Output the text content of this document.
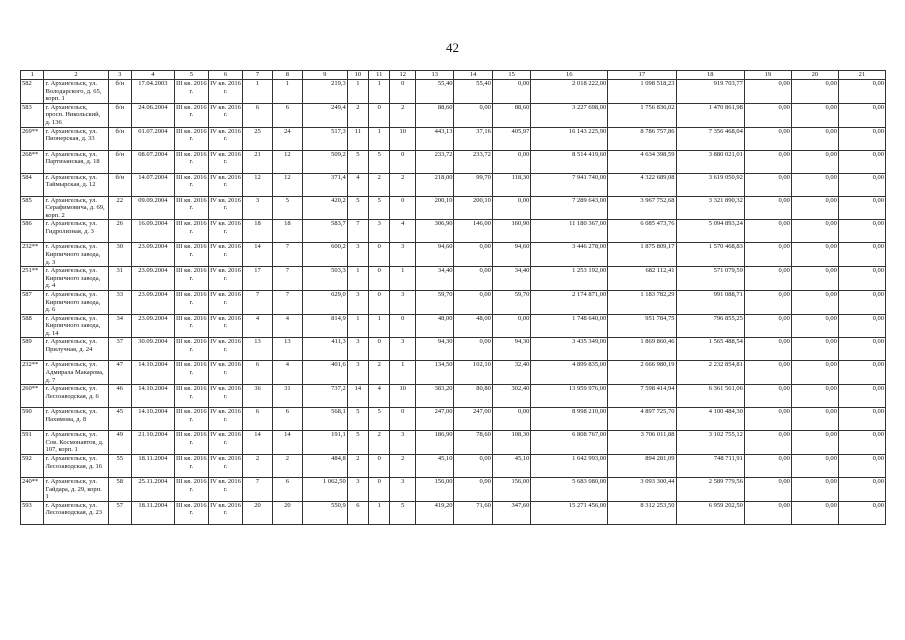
42
1	2	3	4	5	6	7	8	9	10	11	12	13	14	15	16	17	18	19	20	21
582	г. Архангельск, ул. Володарского, д. 65, корп. 1	б/н	17.04.2003	III кв. 2016 г.	IV кв. 2016 г.	1	1	219,3	1	1	0	55,40	55,40	0,00	2 018 222,00	1 098 518,23	919 703,77	0,00	0,00	0,00
583	г. Архангельск, просп. Никольский, д. 136	б/н	24.06.2004	III кв. 2016 г.	IV кв. 2016 г.	6	6	249,4	2	0	2	88,60	0,00	88,60	3 227 698,00	1 756 836,02	1 470 861,98	0,00	0,00	0,00
269**	г. Архангельск, ул. Пионерская, д. 33	б/н	01.07.2004	III кв. 2016 г.	IV кв. 2016 г.	25	24	517,3	11	1	10	443,13	37,16	405,97	16 143 225,90	8 786 757,86	7 356 468,04	0,00	0,00	0,00
268**	г. Архангельск, ул. Партизанская, д. 18	б/н	08.07.2004	III кв. 2016 г.	IV кв. 2016 г.	21	12	509,2	5	5	0	233,72	233,72	0,00	8 514 419,60	4 634 398,59	3 880 021,01	0,00	0,00	0,00
584	г. Архангельск, ул. Таймырская, д. 12	б/н	14.07.2004	III кв. 2016 г.	IV кв. 2016 г.	12	12	371,4	4	2	2	218,00	99,70	118,30	7 941 740,00	4 322 689,08	3 619 050,92	0,00	0,00	0,00
585	г. Архангельск, ул. Серафимовича, д. 69, корп. 2	22	09.09.2004	III кв. 2016 г.	IV кв. 2016 г.	3	5	420,2	5	5	0	200,10	200,10	0,00	7 289 643,00	3 967 752,68	3 321 890,32	0,00	0,00	0,00
586	г. Архангельск, ул. Гидролизная, д. 3	26	16.09.2004	III кв. 2016 г.	IV кв. 2016 г.	18	18	583,7	7	3	4	306,90	146,00	160,90	11 180 367,00	6 085 473,76	5 094 893,24	0,00	0,00	0,00
232**	г. Архангельск, ул. Кирпичного завода, д. 3	30	23.09.2004	III кв. 2016 г.	IV кв. 2016 г.	14	7	600,2	3	0	3	94,60	0,00	94,60	3 446 278,00	1 875 809,17	1 570 468,83	0,00	0,00	0,00
251**	г. Архангельск, ул. Кирпичного завода, д. 4	31	23.09.2004	III кв. 2016 г.	IV кв. 2016 г.	17	7	503,3	1	0	1	34,40	0,00	34,40	1 253 192,00	682 112,41	571 079,59	0,00	0,00	0,00
587	г. Архангельск, ул. Кирпичного завода, д. 6	33	23.09.2004	III кв. 2016 г.	IV кв. 2016 г.	7	7	629,0	3	0	3	59,70	0,00	59,70	2 174 871,00	1 183 782,29	991 088,71	0,00	0,00	0,00
588	г. Архангельск, ул. Кирпичного завода, д. 14	34	23.09.2004	III кв. 2016 г.	IV кв. 2016 г.	4	4	814,9	1	1	0	48,00	48,00	0,00	1 748 640,00	951 784,75	796 855,25	0,00	0,00	0,00
589	г. Архангельск, ул. Прилучная, д. 24	37	30.09.2004	III кв. 2016 г.	IV кв. 2016 г.	13	13	411,3	3	0	3	94,30	0,00	94,30	3 435 349,00	1 869 860,46	1 565 488,54	0,00	0,00	0,00
232**	г. Архангельск, ул. Адмирала Макарова, д. 7	47	14.10.2004	III кв. 2016 г.	IV кв. 2016 г.	6	4	401,6	3	2	1	134,50	102,10	32,40	4 899 835,00	2 666 980,19	2 232 854,81	0,00	0,00	0,00
260**	г. Архангельск, ул. Лесозаводская, д. 6	46	14.10.2004	III кв. 2016 г.	IV кв. 2016 г.	36	31	737,2	14	4	10	383,20	80,80	302,40	13 959 976,00	7 598 414,94	6 361 561,06	0,00	0,00	0,00
590	г. Архангельск, ул. Нахимова, д. 8	45	14.10.2004	III кв. 2016 г.	IV кв. 2016 г.	6	6	568,1	5	5	0	247,00	247,00	0,00	8 998 210,00	4 897 725,70	4 100 484,30	0,00	0,00	0,00
591	г. Архангельск, ул. Сов. Космонавтов, д. 107, корп. 1	49	21.10.2004	III кв. 2016 г.	IV кв. 2016 г.	14	14	191,1	5	2	3	186,90	78,60	108,30	6 808 767,00	3 706 011,88	3 102 755,12	0,00	0,00	0,00
592	г. Архангельск, ул. Лесозаводская, д. 16	55	18.11.2004	III кв. 2016 г.	IV кв. 2016 г.	2	2	484,8	2	0	2	45,10	0,00	45,10	1 642 993,00	894 281,09	748 711,91	0,00	0,00	0,00
240**	г. Архангельск, ул. Гайдара, д. 29, корп. 1	58	25.11.2004	III кв. 2016 г.	IV кв. 2016 г.	7	6	1 062,50	3	0	3	156,00	0,00	156,00	5 683 080,00	3 093 300,44	2 589 779,56	0,00	0,00	0,00
593	г. Архангельск, ул. Лесозаводская, д. 23	57	18.11.2004	III кв. 2016 г.	IV кв. 2016 г.	20	20	550,9	6	1	5	419,20	71,60	347,60	15 271 456,00	8 312 253,50	6 959 202,50	0,00	0,00	0,00
